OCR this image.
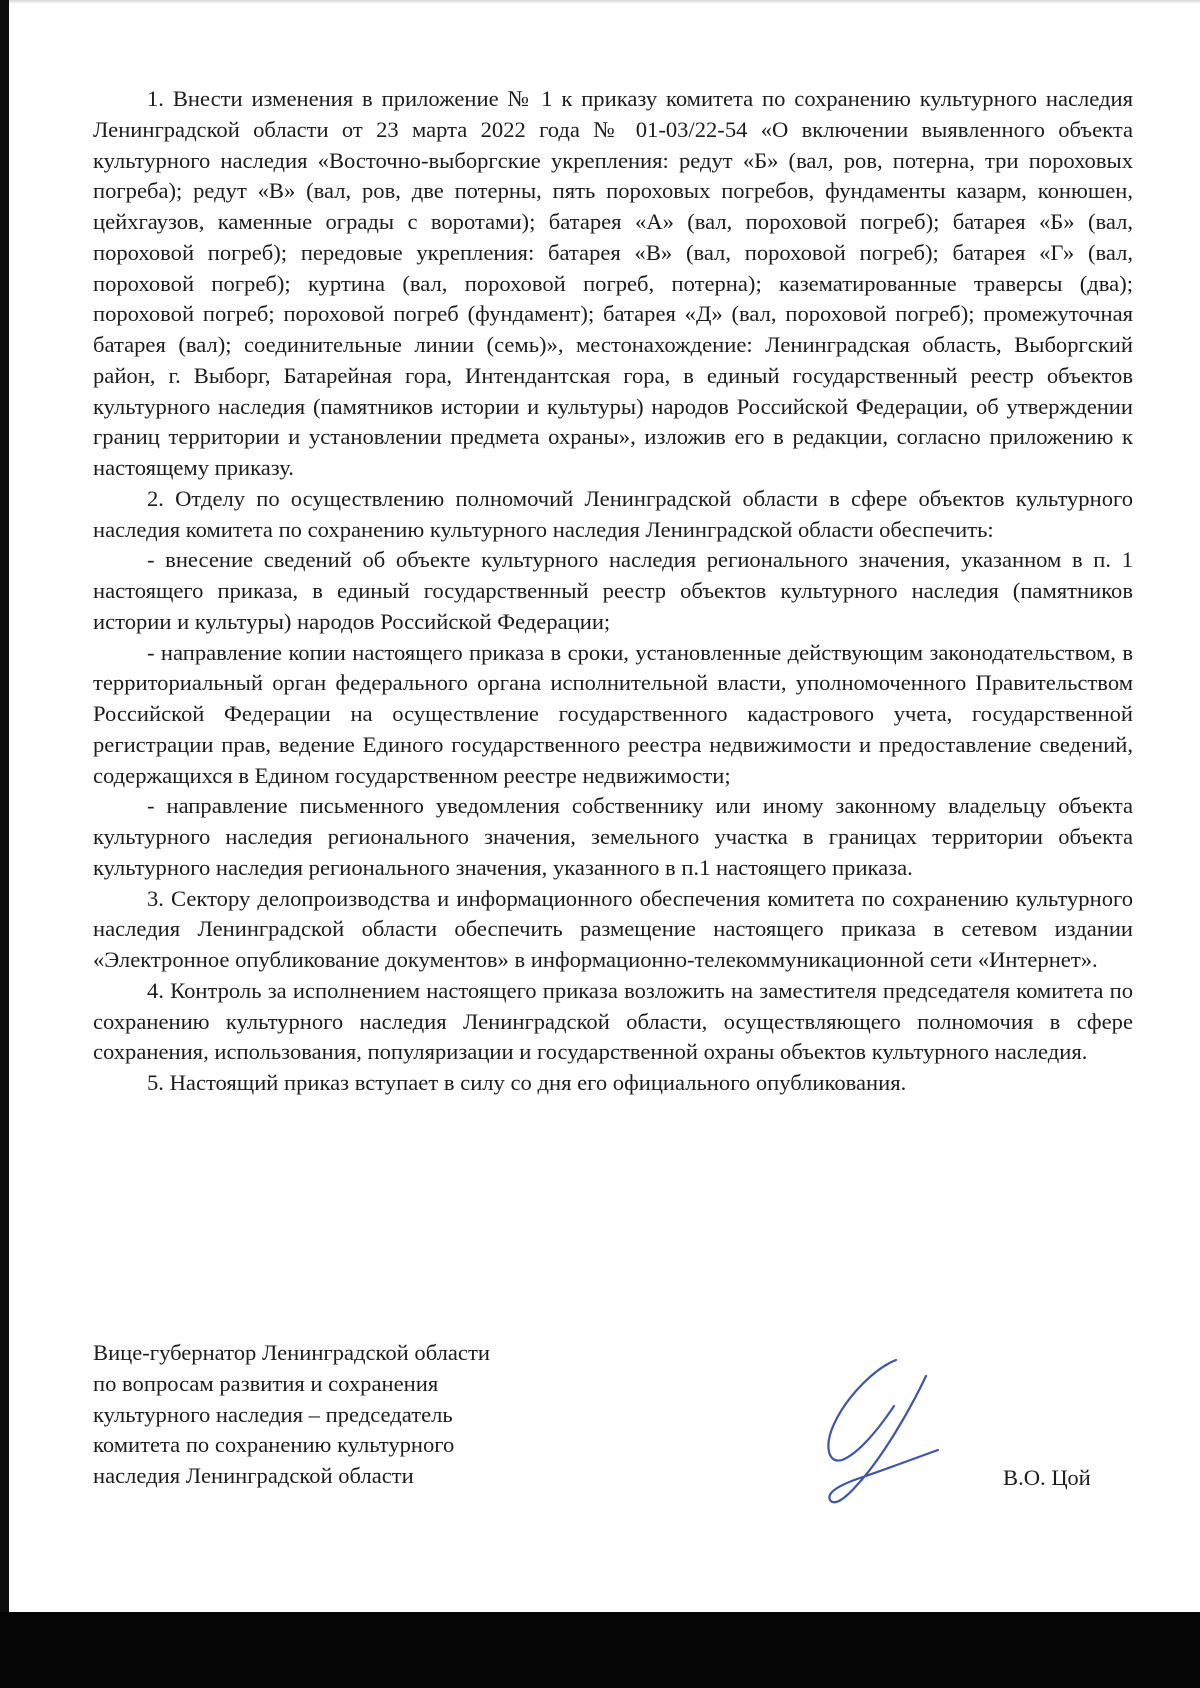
1. Внести изменения в приложение № 1 к приказу комитета по сохранению культурного наследия Ленинградской области от 23 марта 2022 года № 01-03/22-54 «О включении выявленного объекта культурного наследия «Восточно-выборгские укрепления: редут «Б» (вал, ров, потерна, три пороховых погреба); редут «В» (вал, ров, две потерны, пять пороховых погребов, фундаменты казарм, конюшен, цейхгаузов, каменные ограды с воротами); батарея «А» (вал, пороховой погреб); батарея «Б» (вал, пороховой погреб); передовые укрепления: батарея «В» (вал, пороховой погреб); батарея «Г» (вал, пороховой погреб); куртина (вал, пороховой погреб, потерна); казематированные траверсы (два); пороховой погреб; пороховой погреб (фундамент); батарея «Д» (вал, пороховой погреб); промежуточная батарея (вал); соединительные линии (семь)», местонахождение: Ленинградская область, Выборгский район, г. Выборг, Батарейная гора, Интендантская гора, в единый государственный реестр объектов культурного наследия (памятников истории и культуры) народов Российской Федерации, об утверждении границ территории и установлении предмета охраны», изложив его в редакции, согласно приложению к настоящему приказу.

2. Отделу по осуществлению полномочий Ленинградской области в сфере объектов культурного наследия комитета по сохранению культурного наследия Ленинградской области обеспечить:

- внесение сведений об объекте культурного наследия регионального значения, указанном в п. 1 настоящего приказа, в единый государственный реестр объектов культурного наследия (памятников истории и культуры) народов Российской Федерации;

- направление копии настоящего приказа в сроки, установленные действующим законодательством, в территориальный орган федерального органа исполнительной власти, уполномоченного Правительством Российской Федерации на осуществление государственного кадастрового учета, государственной регистрации прав, ведение Единого государственного реестра недвижимости и предоставление сведений, содержащихся в Едином государственном реестре недвижимости;

- направление письменного уведомления собственнику или иному законному владельцу объекта культурного наследия регионального значения, земельного участка в границах территории объекта культурного наследия регионального значения, указанного в п.1 настоящего приказа.

3. Сектору делопроизводства и информационного обеспечения комитета по сохранению культурного наследия Ленинградской области обеспечить размещение настоящего приказа в сетевом издании «Электронное опубликование документов» в информационно-телекоммуникационной сети «Интернет».

4. Контроль за исполнением настоящего приказа возложить на заместителя председателя комитета по сохранению культурного наследия Ленинградской области, осуществляющего полномочия в сфере сохранения, использования, популяризации и государственной охраны объектов культурного наследия.

5. Настоящий приказ вступает в силу со дня его официального опубликования.

Вице-губернатор Ленинградской области
по вопросам развития и сохранения
культурного наследия – председатель
комитета по сохранению культурного
наследия Ленинградской области	В.О. Цой
